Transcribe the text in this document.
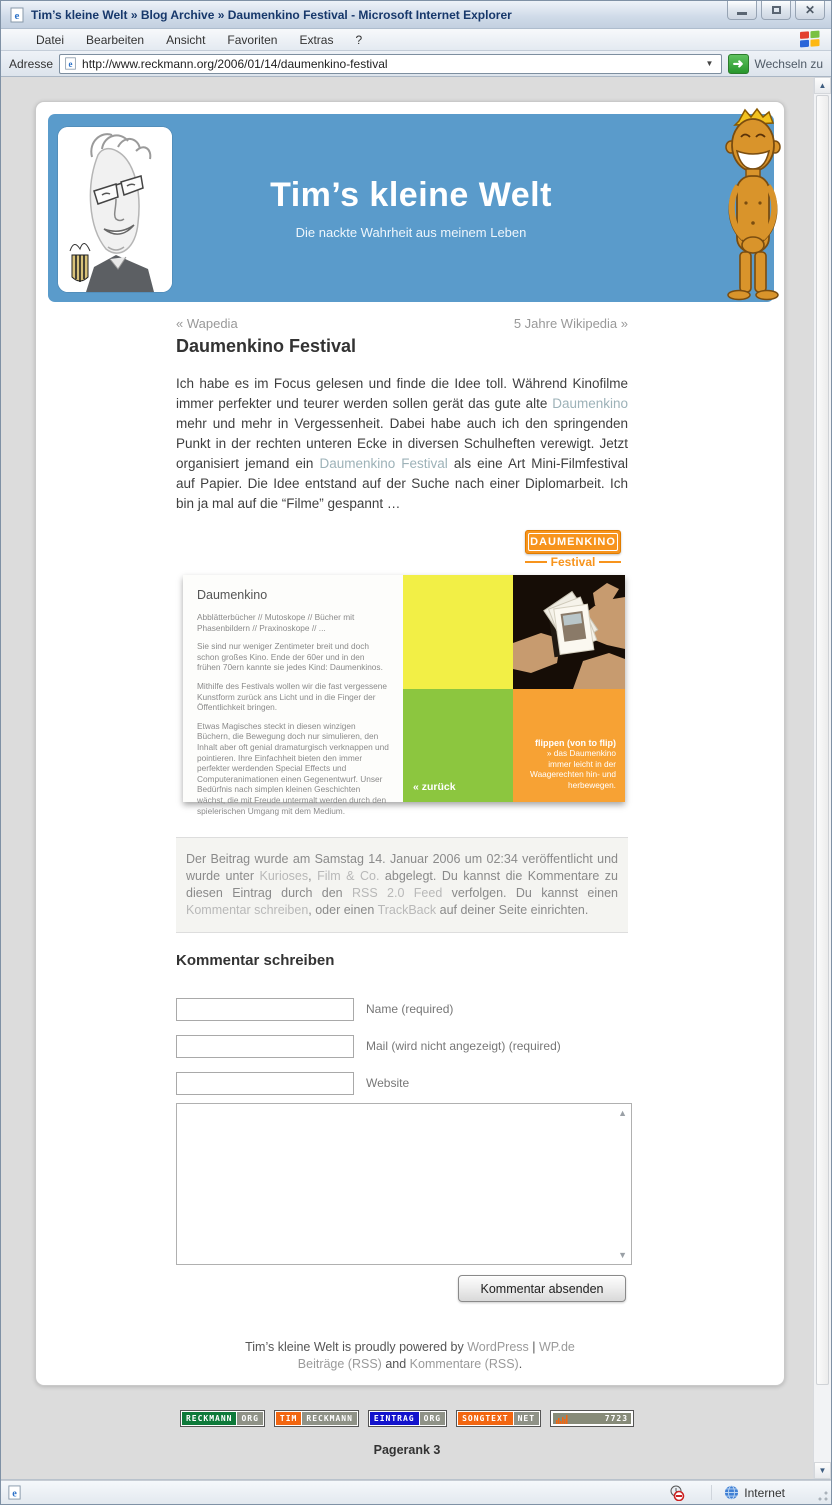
e Tim’s kleine Welt » Blog Archive » Daumenkino Festival - Microsoft Internet Explorer	✕
Datei	Bearbeiten	Ansicht	Favoriten	Extras	?
Adresse e http://www.reckmann.org/2006/01/14/daumenkino-festival	▼ ➜ Wechseln zu
Tim’s kleine Welt
Die nackte Wahrheit aus meinem Leben
« Wapedia	5 Jahre Wikipedia »
Daumenkino Festival

Ich habe es im Focus gelesen und finde die Idee toll. Während Kinofilme immer perfekter und teurer werden sollen gerät das gute alte Daumenkino mehr und mehr in Vergessenheit. Dabei habe auch ich den springenden Punkt in der rechten unteren Ecke in diversen Schulheften verewigt. Jetzt organisiert jemand ein Daumenkino Festival als eine Art Mini-Filmfestival auf Papier. Die Idee entstand auf der Suche nach einer Diplomarbeit. Ich bin ja mal auf die “Filme” gespannt …

DAUMENKINO
Festival
Daumenkino

Abblätterbücher // Mutoskope // Bücher mit Phasenbildern // Praxinoskope // ...

Sie sind nur weniger Zentimeter breit und doch schon großes Kino. Ende der 60er und in den frühen 70ern kannte sie jedes Kind: Daumenkinos.

Mithilfe des Festivals wollen wir die fast vergessene Kunstform zurück ans Licht und in die Finger der Öffentlichkeit bringen.

Etwas Magisches steckt in diesen winzigen Büchern, die Bewegung doch nur simulieren, den Inhalt aber oft genial dramaturgisch verknappen und pointieren. Ihre Einfachheit bieten den immer perfekter werdenden Special Effects und Computeranimationen einen Gegenentwurf. Unser Bedürfnis nach simplen kleinen Geschichten wächst, die mit Freude untermalt werden durch den spielerischen Umgang mit dem Medium.

« zurück
flippen (von to flip)
» das Daumenkino immer leicht in der Waagerechten hin- und herbewegen.
Der Beitrag wurde am Samstag 14. Januar 2006 um 02:34 veröffentlicht und wurde unter Kurioses, Film & Co. abgelegt. Du kannst die Kommentare zu diesen Eintrag durch den RSS 2.0 Feed verfolgen. Du kannst einen Kommentar schreiben, oder einen TrackBack auf deiner Seite einrichten.
Kommentar schreiben
Name (required)
Mail (wird nicht angezeigt) (required)
Website
▲
▼
Kommentar absenden
Tim’s kleine Welt is proudly powered by WordPress | WP.de
Beiträge (RSS) and Kommentare (RSS).
RECKMANN	ORG	TIM	RECKMANN	EINTRAG	ORG	SONGTEXT	NET	7723
Pagerank 3
▲
▼
e	Internet
